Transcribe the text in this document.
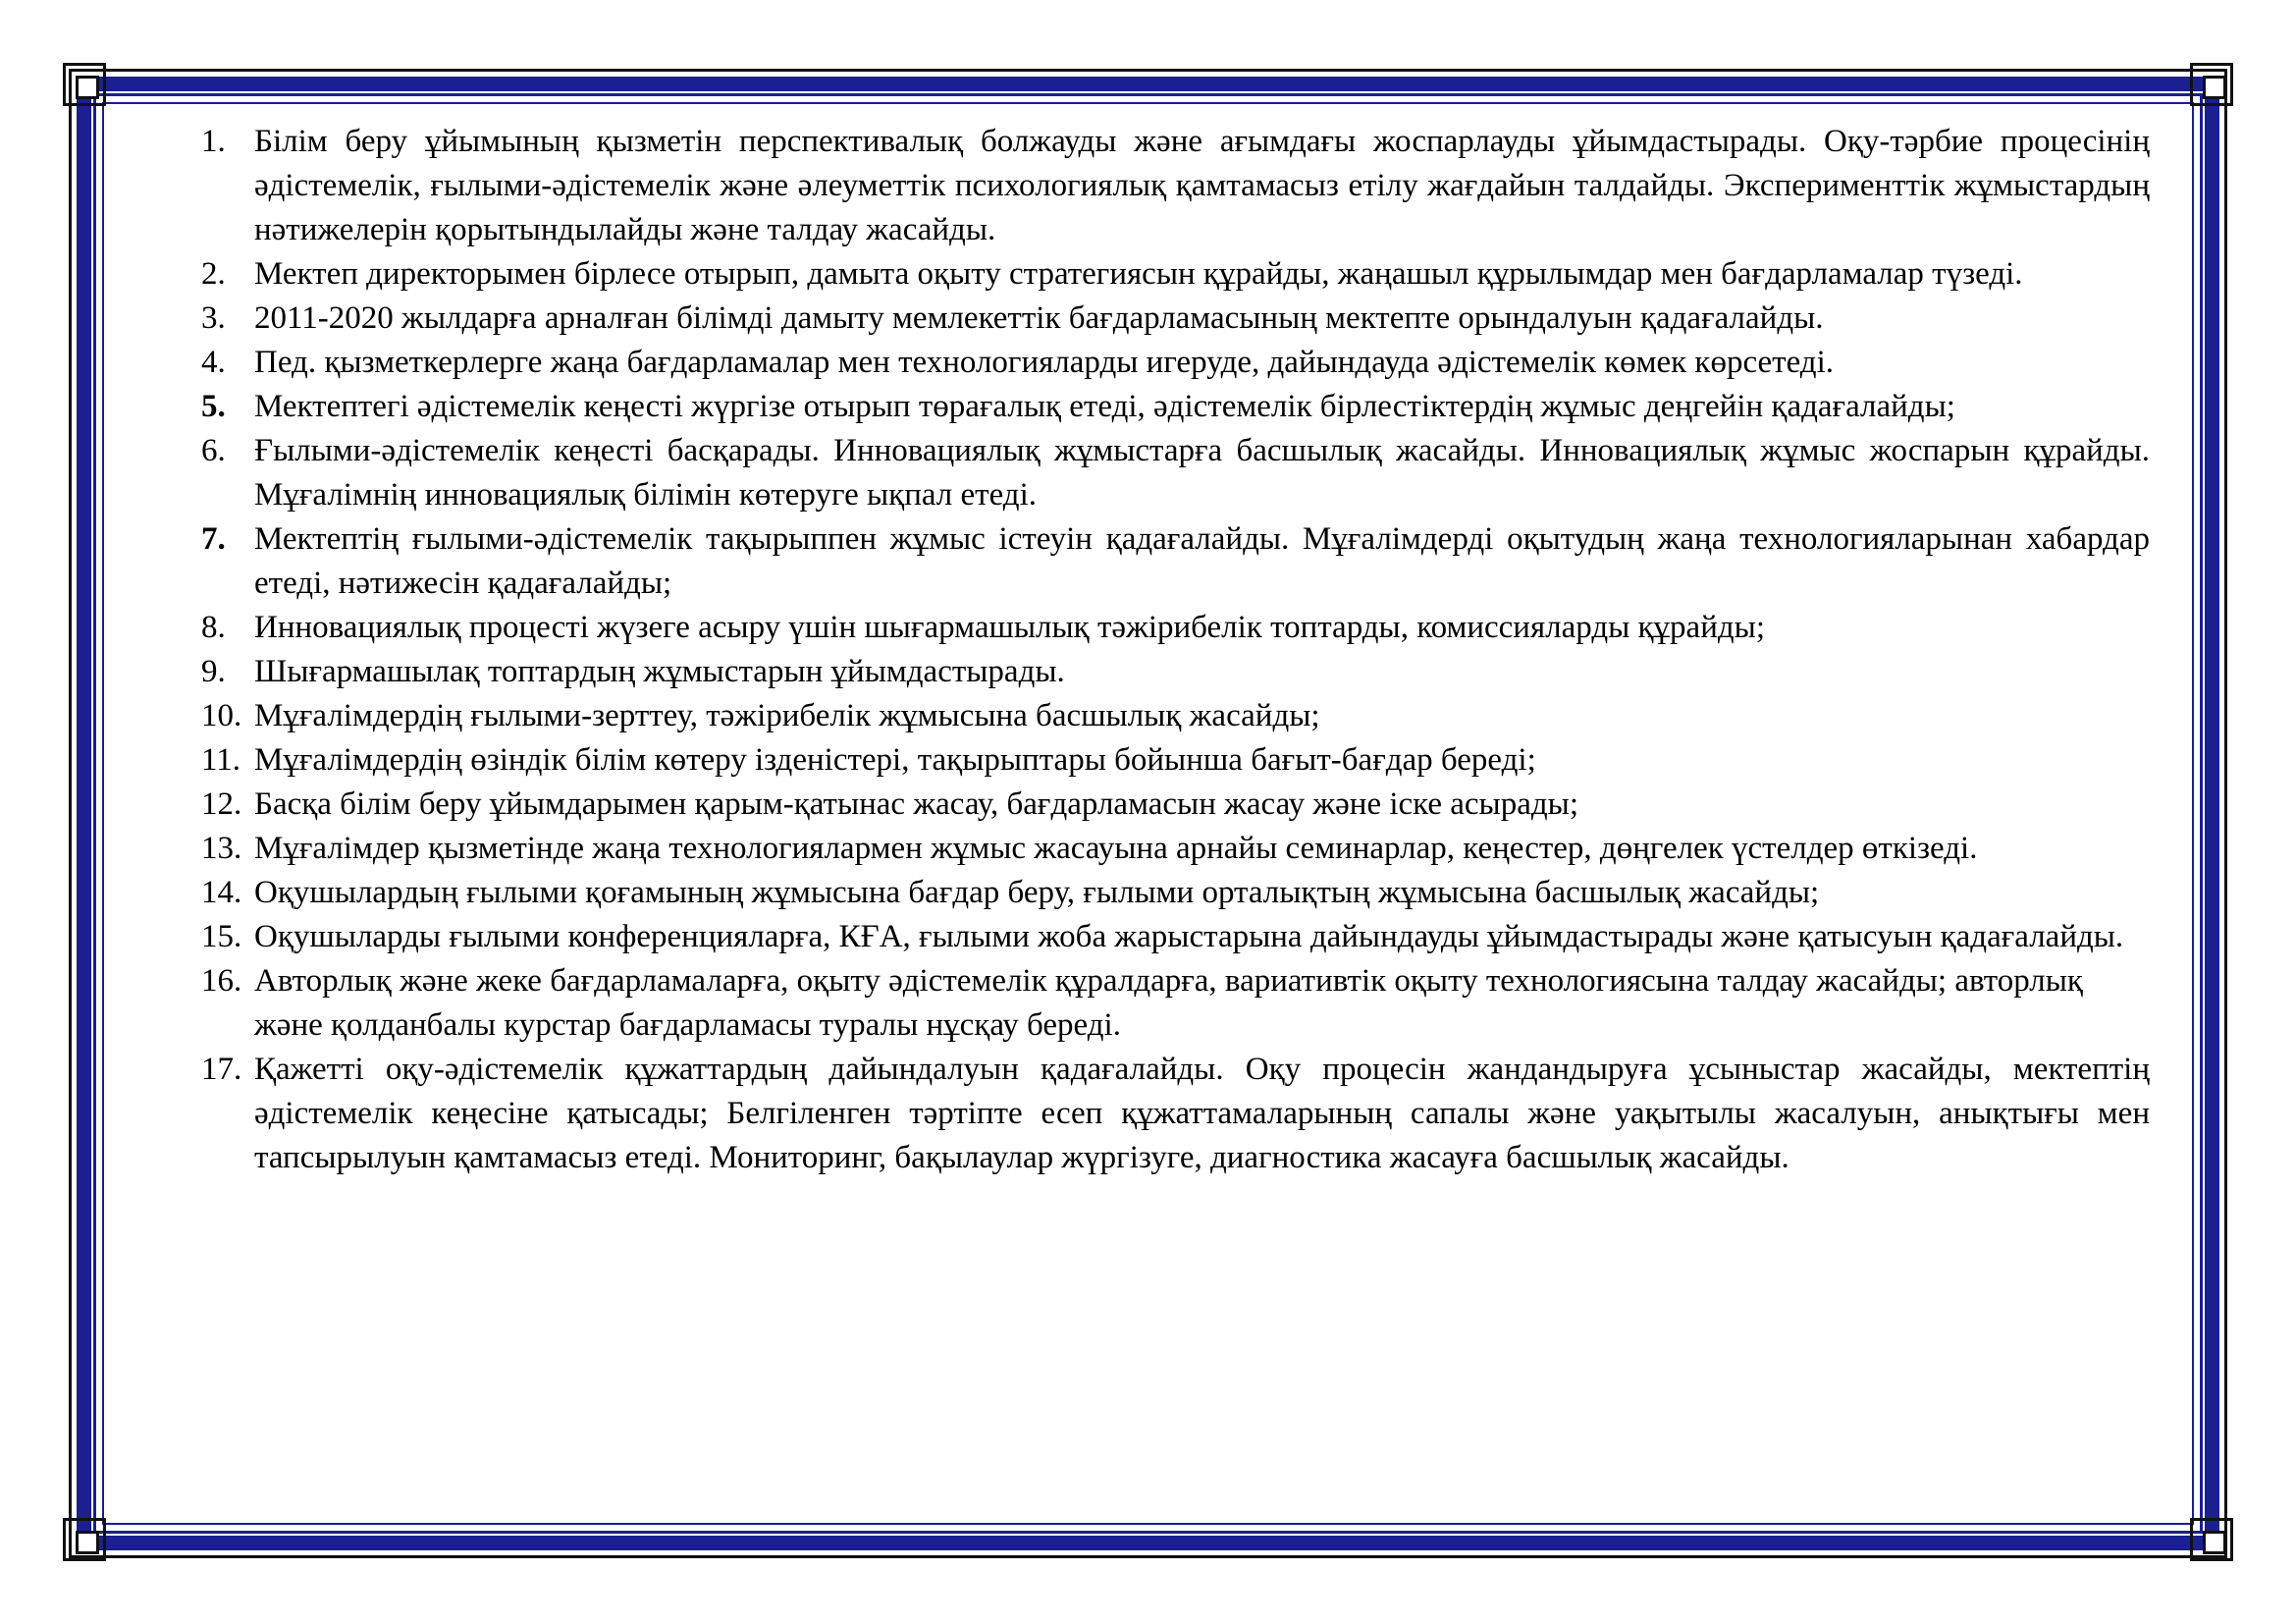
1. Білім беру ұйымының қызметін перспективалық болжауды және ағымдағы жоспарлауды ұйымдастырады. Оқу-тәрбие процесінің әдістемелік, ғылыми-әдістемелік және әлеуметтік психологиялық қамтамасыз етілу жағдайын талдайды. Эксперименттік жұмыстардың нәтижелерін қорытындылайды және талдау жасайды.
2. Мектеп директорымен бірлесе отырып, дамыта оқыту стратегиясын құрайды, жаңашыл құрылымдар мен бағдарламалар түзеді.
3. 2011-2020 жылдарға арналған білімді дамыту мемлекеттік бағдарламасының мектепте орындалуын қадағалайды.
4. Пед. қызметкерлерге жаңа бағдарламалар мен технологияларды игеруде, дайындауда әдістемелік көмек көрсетеді.
5. Мектептегі әдістемелік кеңесті жүргізе отырып төрағалық етеді, әдістемелік бірлестіктердің жұмыс деңгейін қадағалайды;
6. Ғылыми-әдістемелік кеңесті басқарады. Инновациялық жұмыстарға басшылық жасайды. Инновациялық жұмыс жоспарын құрайды. Мұғалімнің инновациялық білімін көтеруге ықпал етеді.
7. Мектептің ғылыми-әдістемелік тақырыппен жұмыс істеуін қадағалайды. Мұғалімдерді оқытудың жаңа технологияларынан хабардар етеді, нәтижесін қадағалайды;
8. Инновациялық процесті жүзеге асыру үшін шығармашылық тәжірибелік топтарды, комиссияларды құрайды;
9. Шығармашылақ топтардың жұмыстарын ұйымдастырады.
10. Мұғалімдердің ғылыми-зерттеу, тәжірибелік жұмысына басшылық жасайды;
11. Мұғалімдердің өзіндік білім көтеру ізденістері, тақырыптары бойынша бағыт-бағдар береді;
12. Басқа білім беру ұйымдарымен қарым-қатынас жасау, бағдарламасын жасау және іске асырады;
13. Мұғалімдер қызметінде жаңа технологиялармен жұмыс жасауына арнайы семинарлар, кеңестер, дөңгелек үстелдер өткізеді.
14. Оқушылардың ғылыми қоғамының жұмысына бағдар беру, ғылыми орталықтың жұмысына басшылық жасайды;
15. Оқушыларды ғылыми конференцияларға, КҒА, ғылыми жоба жарыстарына дайындауды ұйымдастырады және қатысуын қадағалайды.
16. Авторлық және жеке бағдарламаларға, оқыту әдістемелік құралдарға, вариативтік оқыту технологиясына талдау жасайды; авторлық және қолданбалы курстар бағдарламасы туралы нұсқау береді.
17. Қажетті оқу-әдістемелік құжаттардың дайындалуын қадағалайды. Оқу процесін жандандыруға ұсыныстар жасайды, мектептің әдістемелік кеңесіне қатысады; Белгіленген тәртіпте есеп құжаттамаларының сапалы және уақытылы жасалуын, анықтығы мен тапсырылуын қамтамасыз етеді. Мониторинг, бақылаулар жүргізуге, диагностика жасауға басшылық жасайды.
